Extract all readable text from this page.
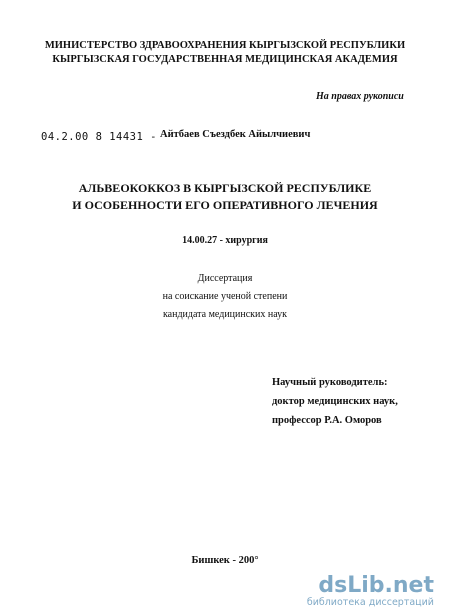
МИНИСТЕРСТВО ЗДРАВООХРАНЕНИЯ КЫРГЫЗСКОЙ РЕСПУБЛИКИ
КЫРГЫЗСКАЯ ГОСУДАРСТВЕННАЯ МЕДИЦИНСКАЯ АКАДЕМИЯ
На правах рукописи
04.2.00 8 14431 - Айтбаев Съездбек Айылчиевич
АЛЬВЕОКОККОЗ В КЫРГЫЗСКОЙ РЕСПУБЛИКЕ
И ОСОБЕННОСТИ ЕГО ОПЕРАТИВНОГО ЛЕЧЕНИЯ
14.00.27 - хирургия
Диссертация
на соискание ученой степени
кандидата медицинских наук
Научный руководитель:
доктор медицинских наук,
профессор Р.А. Оморов
Бишкек - 200°
dsLib.net
библиотека диссертаций
